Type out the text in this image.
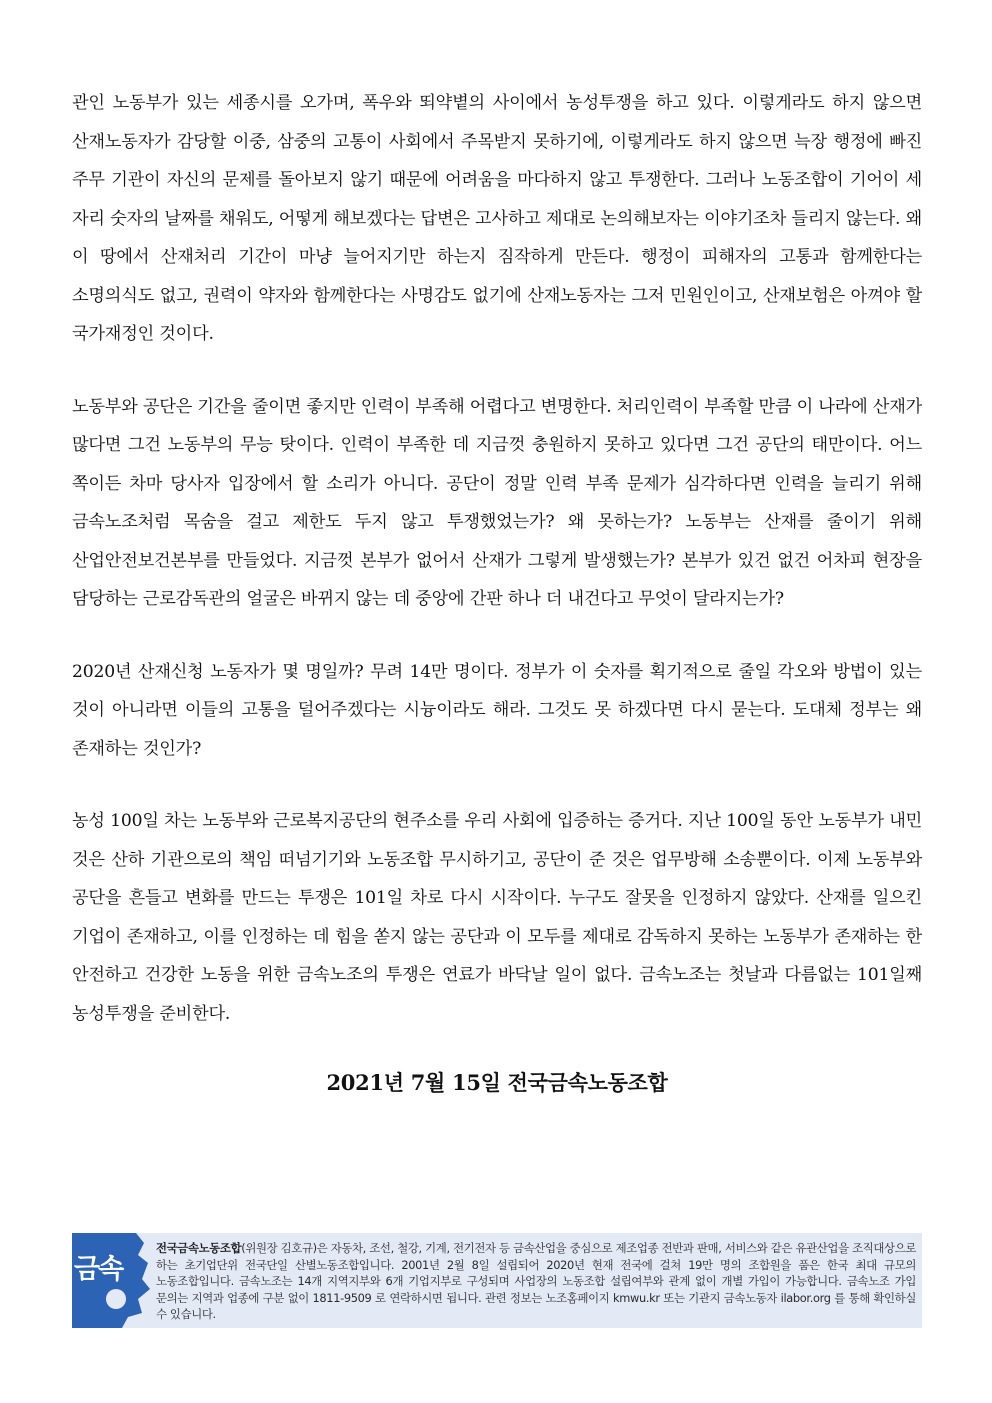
관인 노동부가 있는 세종시를 오가며, 폭우와 뙤약볕의 사이에서 농성투쟁을 하고 있다. 이렇게라도 하지 않으면 산재노동자가 감당할 이중, 삼중의 고통이 사회에서 주목받지 못하기에, 이렇게라도 하지 않으면 늑장 행정에 빠진 주무 기관이 자신의 문제를 돌아보지 않기 때문에 어려움을 마다하지 않고 투쟁한다. 그러나 노동조합이 기어이 세 자리 숫자의 날짜를 채워도, 어떻게 해보겠다는 답변은 고사하고 제대로 논의해보자는 이야기조차 들리지 않는다. 왜 이 땅에서 산재처리 기간이 마냥 늘어지기만 하는지 짐작하게 만든다. 행정이 피해자의 고통과 함께한다는 소명의식도 없고, 권력이 약자와 함께한다는 사명감도 없기에 산재노동자는 그저 민원인이고, 산재보험은 아껴야 할 국가재정인 것이다.

노동부와 공단은 기간을 줄이면 좋지만 인력이 부족해 어렵다고 변명한다. 처리인력이 부족할 만큼 이 나라에 산재가 많다면 그건 노동부의 무능 탓이다. 인력이 부족한 데 지금껏 충원하지 못하고 있다면 그건 공단의 태만이다. 어느 쪽이든 차마 당사자 입장에서 할 소리가 아니다. 공단이 정말 인력 부족 문제가 심각하다면 인력을 늘리기 위해 금속노조처럼 목숨을 걸고 제한도 두지 않고 투쟁했었는가? 왜 못하는가? 노동부는 산재를 줄이기 위해 산업안전보건본부를 만들었다. 지금껏 본부가 없어서 산재가 그렇게 발생했는가? 본부가 있건 없건 어차피 현장을 담당하는 근로감독관의 얼굴은 바뀌지 않는 데 중앙에 간판 하나 더 내건다고 무엇이 달라지는가?

2020년 산재신청 노동자가 몇 명일까? 무려 14만 명이다. 정부가 이 숫자를 획기적으로 줄일 각오와 방법이 있는 것이 아니라면 이들의 고통을 덜어주겠다는 시늉이라도 해라. 그것도 못 하겠다면 다시 묻는다. 도대체 정부는 왜 존재하는 것인가?

농성 100일 차는 노동부와 근로복지공단의 현주소를 우리 사회에 입증하는 증거다. 지난 100일 동안 노동부가 내민 것은 산하 기관으로의 책임 떠넘기기와 노동조합 무시하기고, 공단이 준 것은 업무방해 소송뿐이다. 이제 노동부와 공단을 흔들고 변화를 만드는 투쟁은 101일 차로 다시 시작이다. 누구도 잘못을 인정하지 않았다. 산재를 일으킨 기업이 존재하고, 이를 인정하는 데 힘을 쏟지 않는 공단과 이 모두를 제대로 감독하지 못하는 노동부가 존재하는 한 안전하고 건강한 노동을 위한 금속노조의 투쟁은 연료가 바닥날 일이 없다. 금속노조는 첫날과 다름없는 101일째 농성투쟁을 준비한다.

2021년 7월 15일 전국금속노동조합
금속
전국금속노동조합(위원장 김호규)은 자동차, 조선, 철강, 기계, 전기전자 등 금속산업을 중심으로 제조업종 전반과 판매, 서비스와 같은 유관산업을 조직대상으로 하는 초기업단위 전국단일 산별노동조합입니다. 2001년 2월 8일 설립되어 2020년 현재 전국에 걸쳐 19만 명의 조합원을 품은 한국 최대 규모의 노동조합입니다. 금속노조는 14개 지역지부와 6개 기업지부로 구성되며 사업장의 노동조합 설립여부와 관계 없이 개별 가입이 가능합니다. 금속노조 가입 문의는 지역과 업종에 구분 없이 1811-9509 로 연락하시면 됩니다. 관련 정보는 노조홈페이지 kmwu.kr 또는 기관지 금속노동자 ilabor.org 를 통해 확인하실 수 있습니다.
